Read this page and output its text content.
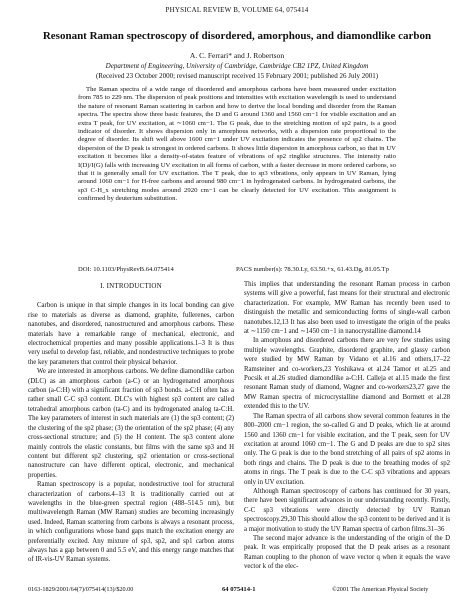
PHYSICAL REVIEW B, VOLUME 64, 075414
Resonant Raman spectroscopy of disordered, amorphous, and diamondlike carbon
A. C. Ferrari* and J. Robertson
Department of Engineering, University of Cambridge, Cambridge CB2 1PZ, United Kingdom
(Received 23 October 2000; revised manuscript received 15 February 2001; published 26 July 2001)
The Raman spectra of a wide range of disordered and amorphous carbons have been measured under excitation from 785 to 229 nm. The dispersion of peak positions and intensities with excitation wavelength is used to understand the nature of resonant Raman scattering in carbon and how to derive the local bonding and disorder from the Raman spectra. The spectra show three basic features, the D and G around 1360 and 1560 cm−1 for visible excitation and an extra T peak, for UV excitation, at ∼1060 cm−1. The G peak, due to the stretching motion of sp2 pairs, is a good indicator of disorder. It shows dispersion only in amorphous networks, with a dispersion rate proportional to the degree of disorder. Its shift well above 1600 cm−1 under UV excitation indicates the presence of sp2 chains. The dispersion of the D peak is strongest in ordered carbons. It shows little dispersion in amorphous carbon, so that in UV excitation it becomes like a density-of-states feature of vibrations of sp2 ringlike structures. The intensity ratio I(D)/I(G) falls with increasing UV excitation in all forms of carbon, with a faster decrease in more ordered carbons, so that it is generally small for UV excitation. The T peak, due to sp3 vibrations, only appears in UV Raman, lying around 1060 cm−1 for H-free carbons and around 980 cm−1 in hydrogenated carbons. In hydrogenated carbons, the sp3 C-H_x stretching modes around 2920 cm−1 can be clearly detected for UV excitation. This assignment is confirmed by deuterium substitution.
DOI: 10.1103/PhysRevB.64.075414	PACS number(s): 78.30.Ly, 63.50.+x, 61.43.Dg, 81.05.Tp
I. INTRODUCTION

Carbon is unique in that simple changes in its local bonding can give rise to materials as diverse as diamond, graphite, fullerenes, carbon nanotubes, and disordered, nanostructured and amorphous carbons. These materials have a remarkable range of mechanical, electronic, and electrochemical properties and many possible applications.1–3 It is thus very useful to develop fast, reliable, and nondestructive techniques to probe the key parameters that control their physical behavior.

We are interested in amorphous carbons. We define diamondlike carbon (DLC) as an amorphous carbon (a-C) or an hydrogenated amorphous carbon (a-C:H) with a significant fraction of sp3 bonds. a-C:H often has a rather small C-C sp3 content. DLC's with highest sp3 content are called tetrahedral amorphous carbon (ta-C) and its hydrogenated analog ta-C:H. The key parameters of interest in such materials are (1) the sp3 content; (2) the clustering of the sp2 phase; (3) the orientation of the sp2 phase; (4) any cross-sectional structure; and (5) the H content. The sp3 content alone mainly controls the elastic constants, but films with the same sp3 and H content but different sp2 clustering, sp2 orientation or cross-sectional nanostructure can have different optical, electronic, and mechanical properties.

Raman spectroscopy is a popular, nondestructive tool for structural characterization of carbons.4–13 It is traditionally carried out at wavelengths in the blue-green spectral region (488–514.5 nm), but multiwavelength Raman (MW Raman) studies are becoming increasingly used. Indeed, Raman scattering from carbons is always a resonant process, in which configurations whose band gaps match the excitation energy are preferentially excited. Any mixture of sp3, sp2, and sp1 carbon atoms always has a gap between 0 and 5.5 eV, and this energy range matches that of IR-vis-UV Raman systems.

This implies that understanding the resonant Raman process in carbon systems will give a powerful, fast means for their structural and electronic characterization. For example, MW Raman has recently been used to distinguish the metallic and semiconducting forms of single-wall carbon nanotubes.12,13 It has also been used to investigate the origin of the peaks at ∼1150 cm−1 and ∼1450 cm−1 in nanocrystalline diamond.14

In amorphous and disordered carbons there are very few studies using multiple wavelengths. Graphite, disordered graphite, and glassy carbon were studied by MW Raman by Vidano et al.16 and others,17–22 Ramsteiner and co-workers,23 Yoshikawa et al.24 Tamor et al.25 and Pocsik et al.26 studied diamondlike a-C:H. Calleja et al.15 made the first resonant Raman study of diamond, Wagner and co-workers23,27 gave the MW Raman spectra of microcrystalline diamond and Bormett et al.28 extended this to the UV.

The Raman spectra of all carbons show several common features in the 800–2000 cm−1 region, the so-called G and D peaks, which lie at around 1560 and 1360 cm−1 for visible excitation, and the T peak, seen for UV excitation at around 1060 cm−1. The G and D peaks are due to sp2 sites only. The G peak is due to the bond stretching of all pairs of sp2 atoms in both rings and chains. The D peak is due to the breathing modes of sp2 atoms in rings. The T peak is due to the C-C sp3 vibrations and appears only in UV excitation.

Although Raman spectroscopy of carbons has continued for 30 years, there have been significant advances in our understanding recently. Firstly, C-C sp3 vibrations were directly detected by UV Raman spectroscopy.29,30 This should allow the sp3 content to be derived and it is a major motivation to study the UV Raman spectra of carbon films.31–36

The second major advance is the understanding of the origin of the D peak. It was empirically proposed that the D peak arises as a resonant Raman coupling to the phonon of wave vector q when it equals the wave vector k of the elec-

0163-1829/2001/64(7)/075414(13)/$20.00	64 075414-1	©2001 The American Physical Society
